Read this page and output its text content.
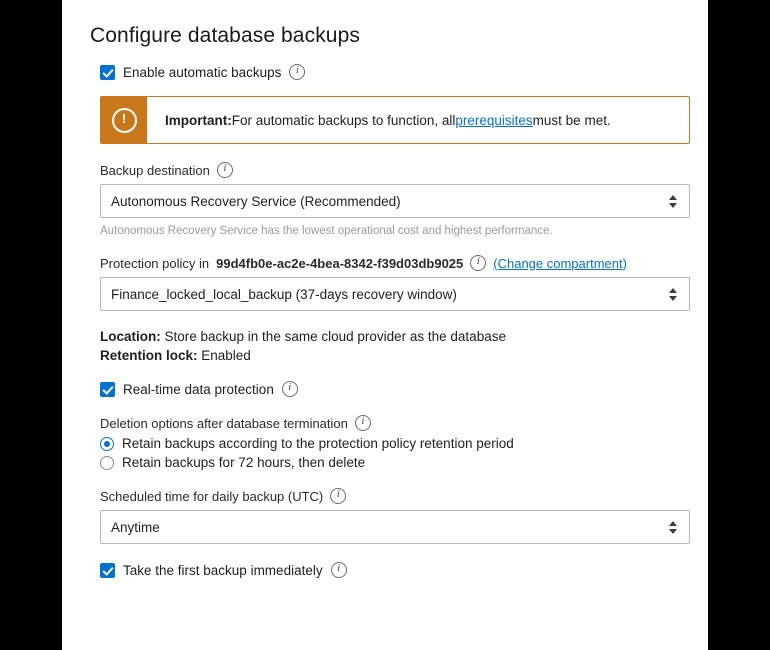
Configure database backups
Enable automatic backups
i
!
Important: For automatic backups to function, all prerequisites must be met.
Backup destination
i
Autonomous Recovery Service (Recommended)
Autonomous Recovery Service has the lowest operational cost and highest performance.
Protection policy in 99d4fb0e-ac2e-4bea-8342-f39d03db9025 i (Change compartment)
Finance_locked_local_backup (37-days recovery window)
Location: Store backup in the same cloud provider as the database
Retention lock: Enabled
Real-time data protection
i
Deletion options after database termination
i
Retain backups according to the protection policy retention period
Retain backups for 72 hours, then delete
Scheduled time for daily backup (UTC)
i
Anytime
Take the first backup immediately
i
